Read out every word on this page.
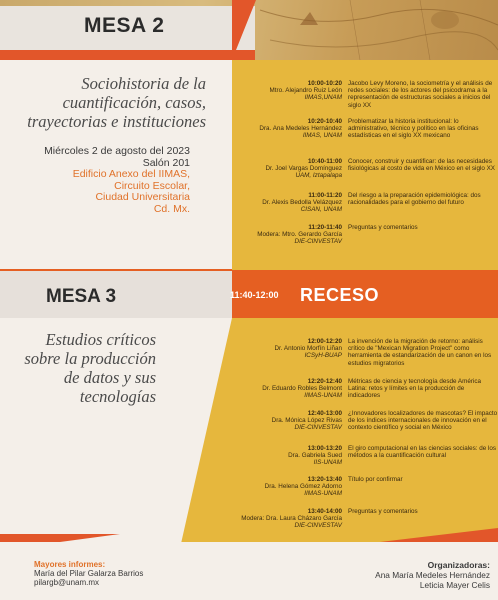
MESA 2
Sociohistoria de la
cuantificación, casos,
trayectorias e instituciones
Miércoles 2 de agosto del 2023
Salón 201
Edificio Anexo del IIMAS,
Circuito Escolar,
Ciudad Universitaria
Cd. Mx.
10:00-10:20
Mtro. Alejandro Ruiz León
IIMAS,UNAM
Jacobo Levy Moreno, la sociometría y el análisis de redes sociales: de los actores del psicodrama a la representación de estructuras sociales a inicios del siglo XX
10:20-10:40
Dra. Ana Medeles Hernández
IIMAS, UNAM
Problematizar la historia institucional: lo administrativo, técnico y político en las oficinas estadísticas en el siglo XX mexicano
10:40-11:00
Dr. Joel Vargas Domínguez
UAM, Iztapalapa
Conocer, construir y cuantificar: de las necesidades fisiológicas al costo de vida en México en el siglo XX
11:00-11:20
Dr. Alexis Bedolla Velázquez
CISAN, UNAM
Del riesgo a la preparación epidemiológica: dos racionalidades para el gobierno del futuro
11:20-11:40
Modera: Mtro. Gerardo García
DIE-CINVESTAV
Preguntas y comentarios
MESA 3	11:40-12:00 RECESO
Estudios críticos
sobre la producción
de datos y sus
tecnologías
12:00-12:20
Dr. Antonio Morfín Liñan
ICSyH-BUAP
La invención de la migración de retorno: análisis crítico de "Mexican Migration Project" como herramienta de estandarización de un canon en los estudios migratorios
12:20-12:40
Dr. Eduardo Robles Belmont
IIMAS-UNAM
Métricas de ciencia y tecnología desde América Latina: retos y límites en la producción de indicadores
12:40-13:00
Dra. Mónica López Rivas
DIE-CINVESTAV
¿Innovadores localizadores de mascotas? El impacto de los índices internacionales de innovación en el contexto científico y social en México
13:00-13:20
Dra. Gabriela Sued
IIS-UNAM
El giro computacional en las ciencias sociales: de los métodos a la cuantificación cultural
13:20-13:40
Dra. Helena Gómez Adorno
IIMAS-UNAM
Título por confirmar
13:40-14:00
Modera: Dra. Laura Cházaro García
DIE-CINVESTAV
Preguntas y comentarios
Mayores informes:
María del Pilar Galarza Barrios
pilargb@unam.mx
Organizadoras:
Ana María Medeles Hernández
Leticia Mayer Celis
